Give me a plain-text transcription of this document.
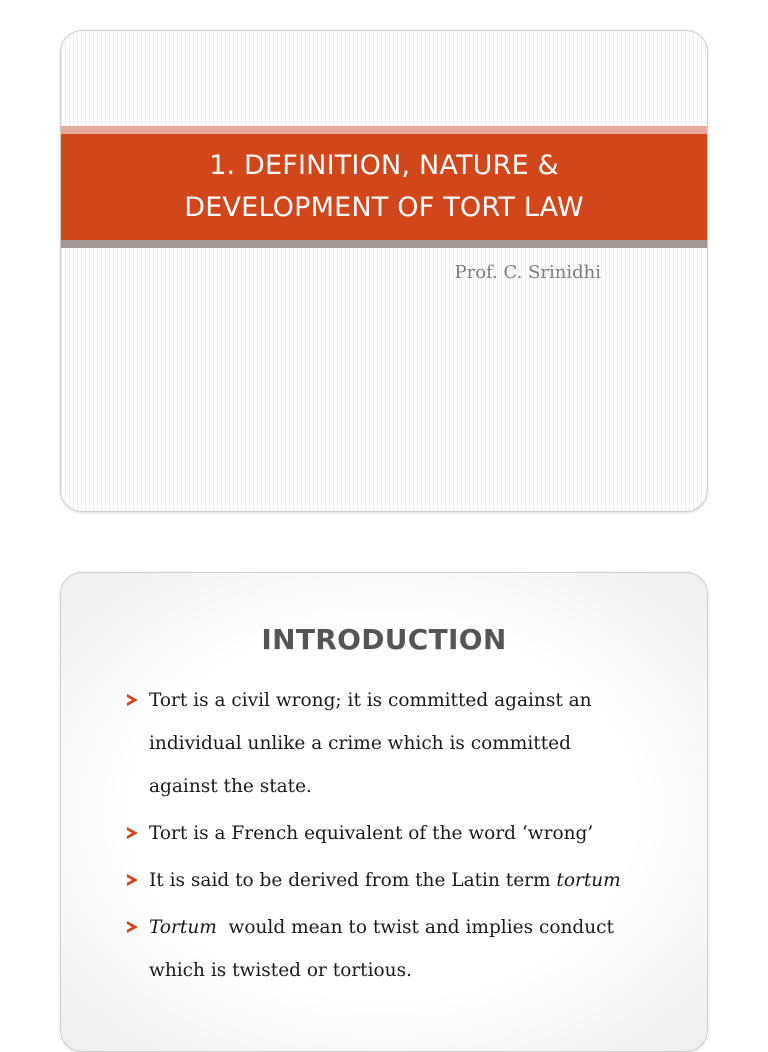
1. DEFINITION, NATURE &
DEVELOPMENT OF TORT LAW
Prof. C. Srinidhi
INTRODUCTION
Tort is a civil wrong; it is committed against an
individual unlike a crime which is committed
against the state.
Tort is a French equivalent of the word ‘wrong’
It is said to be derived from the Latin term tortum
Tortum  would mean to twist and implies conduct
which is twisted or tortious.
